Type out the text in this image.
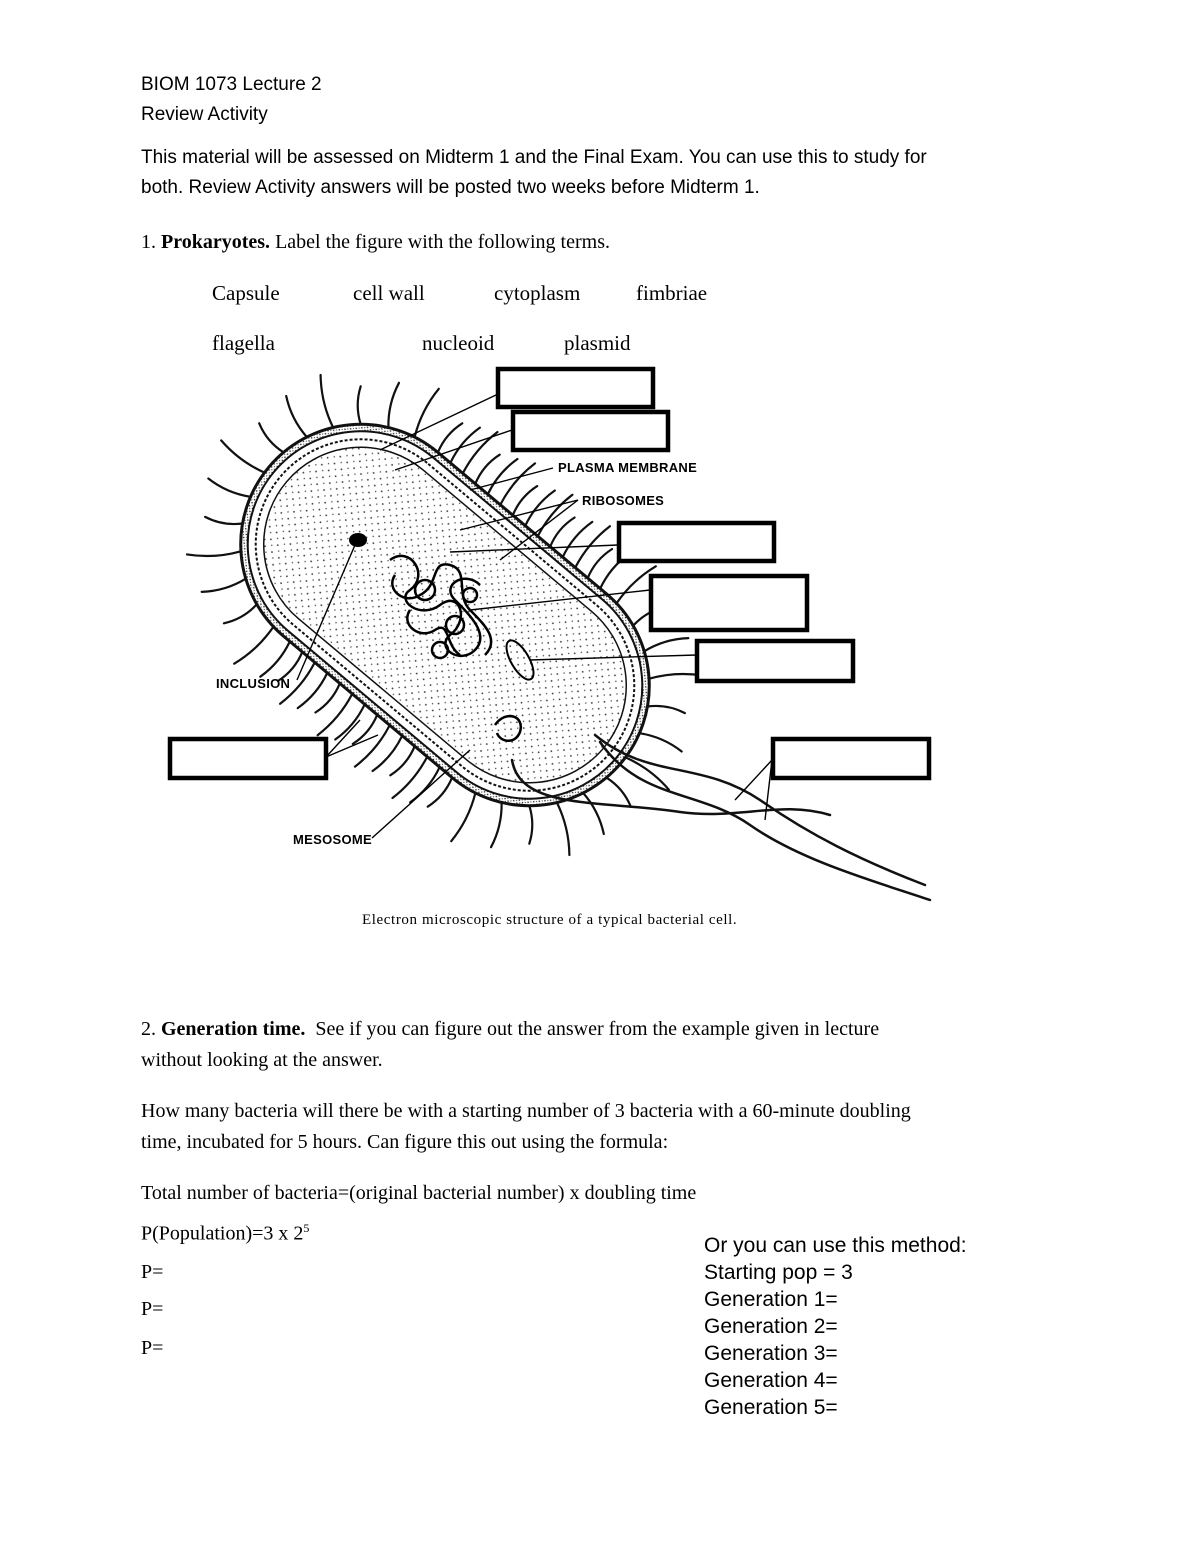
BIOM 1073 Lecture 2
Review Activity
This material will be assessed on Midterm 1 and the Final Exam. You can use this to study for
both. Review Activity answers will be posted two weeks before Midterm 1.
1. Prokaryotes. Label the figure with the following terms.
Capsule	cell wall	cytoplasm	fimbriae
flagella	nucleoid	plasmid
PLASMA MEMBRANE
RIBOSOMES
INCLUSION
MESOSOME
Electron microscopic structure of a typical bacterial cell.
2. Generation time. See if you can figure out the answer from the example given in lecture
without looking at the answer.
How many bacteria will there be with a starting number of 3 bacteria with a 60-minute doubling
time, incubated for 5 hours. Can figure this out using the formula:
Total number of bacteria=(original bacterial number) x doubling time
P(Population)=3 x $2^5$
P=
P=
P=
Or you can use this method:
Starting pop = 3
Generation 1=
Generation 2=
Generation 3=
Generation 4=
Generation 5=
